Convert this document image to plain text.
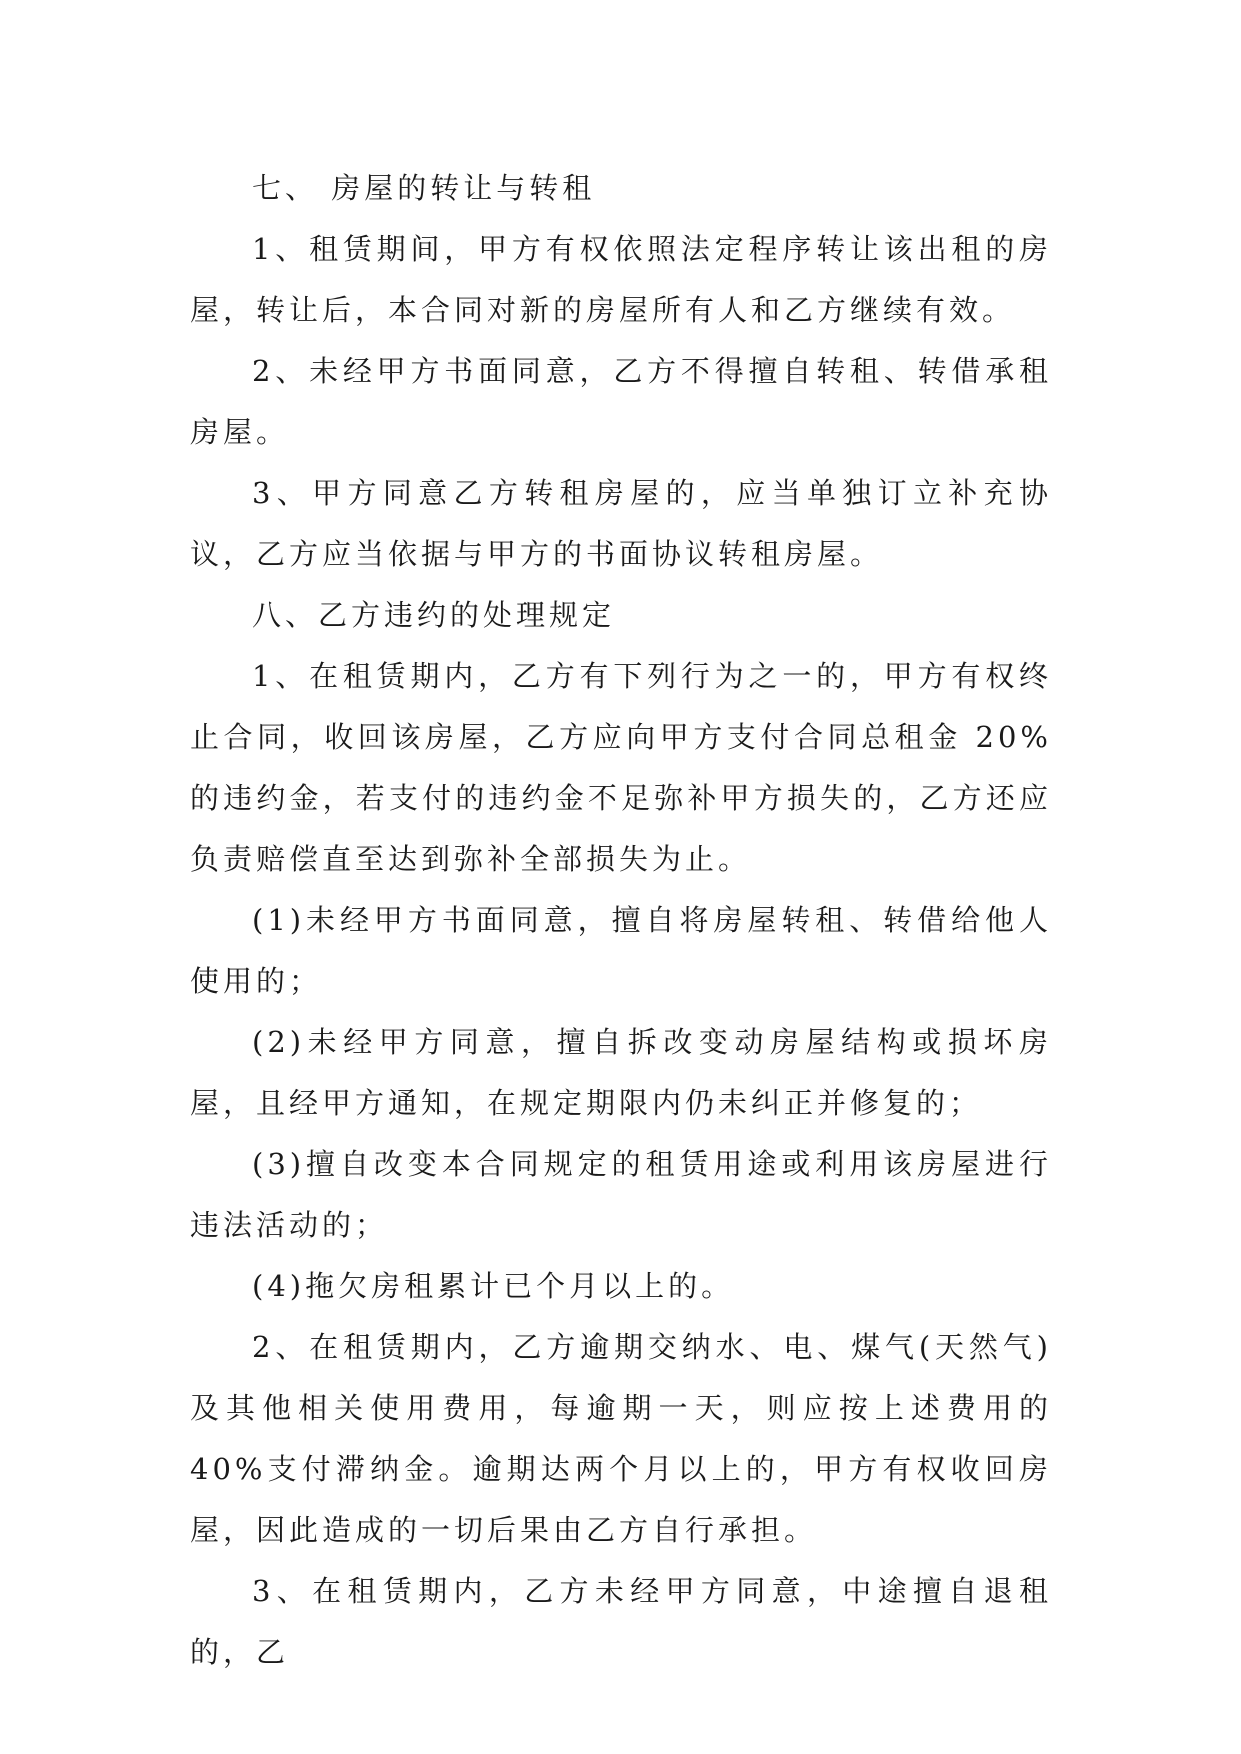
七、 房屋的转让与转租

1、租赁期间，甲方有权依照法定程序转让该出租的房屋，转让后，本合同对新的房屋所有人和乙方继续有效。

2、未经甲方书面同意，乙方不得擅自转租、转借承租房屋。

3、甲方同意乙方转租房屋的，应当单独订立补充协议，乙方应当依据与甲方的书面协议转租房屋。

八、乙方违约的处理规定

1、在租赁期内，乙方有下列行为之一的，甲方有权终止合同，收回该房屋，乙方应向甲方支付合同总租金 20%的违约金，若支付的违约金不足弥补甲方损失的，乙方还应负责赔偿直至达到弥补全部损失为止。

(1)未经甲方书面同意，擅自将房屋转租、转借给他人使用的；

(2)未经甲方同意，擅自拆改变动房屋结构或损坏房屋，且经甲方通知，在规定期限内仍未纠正并修复的；

(3)擅自改变本合同规定的租赁用途或利用该房屋进行违法活动的；

(4)拖欠房租累计已个月以上的。

2、在租赁期内，乙方逾期交纳水、电、煤气(天然气)及其他相关使用费用，每逾期一天，则应按上述费用的 40%支付滞纳金。逾期达两个月以上的，甲方有权收回房屋，因此造成的一切后果由乙方自行承担。

3、在租赁期内，乙方未经甲方同意，中途擅自退租的，乙
